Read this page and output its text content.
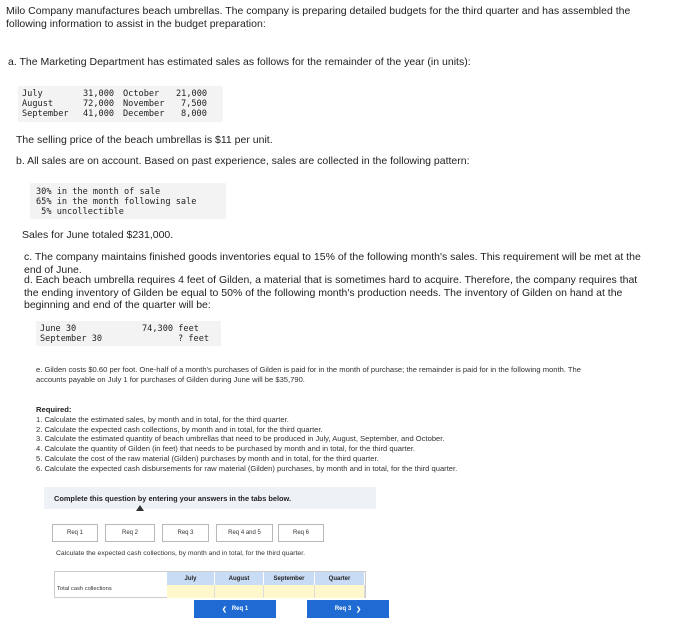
Milo Company manufactures beach umbrellas. The company is preparing detailed budgets for the third quarter and has assembled the following information to assist in the budget preparation:
a. The Marketing Department has estimated sales as follows for the remainder of the year (in units):
July	31,000 October 21,000
August	72,000 November 7,500
September 41,000 December 8,000
The selling price of the beach umbrellas is $11 per unit.
b. All sales are on account. Based on past experience, sales are collected in the following pattern:
30% in the month of sale
65% in the month following sale
5% uncollectible
Sales for June totaled $231,000.
c. The company maintains finished goods inventories equal to 15% of the following month's sales. This requirement will be met at the end of June.
d. Each beach umbrella requires 4 feet of Gilden, a material that is sometimes hard to acquire. Therefore, the company requires that the ending inventory of Gilden be equal to 50% of the following month's production needs. The inventory of Gilden on hand at the beginning and end of the quarter will be:
June 30	74,300 feet
September 30	? feet
e. Gilden costs $0.60 per foot. One-half of a month's purchases of Gilden is paid for in the month of purchase; the remainder is paid for in the following month. The accounts payable on July 1 for purchases of Gilden during June will be $35,790.
Required:
1. Calculate the estimated sales, by month and in total, for the third quarter.
2. Calculate the expected cash collections, by month and in total, for the third quarter.
3. Calculate the estimated quantity of beach umbrellas that need to be produced in July, August, September, and October.
4. Calculate the quantity of Gilden (in feet) that needs to be purchased by month and in total, for the third quarter.
5. Calculate the cost of the raw material (Gilden) purchases by month and in total, for the third quarter.
6. Calculate the expected cash disbursements for raw material (Gilden) purchases, by month and in total, for the third quarter.
Complete this question by entering your answers in the tabs below.
Req 1	Req 2	Req 3	Req 4 and 5	Req 6
Calculate the expected cash collections, by month and in total, for the third quarter.
July	August	September	Quarter
Total cash collections
❮ Req 1	Req 3 ❯
